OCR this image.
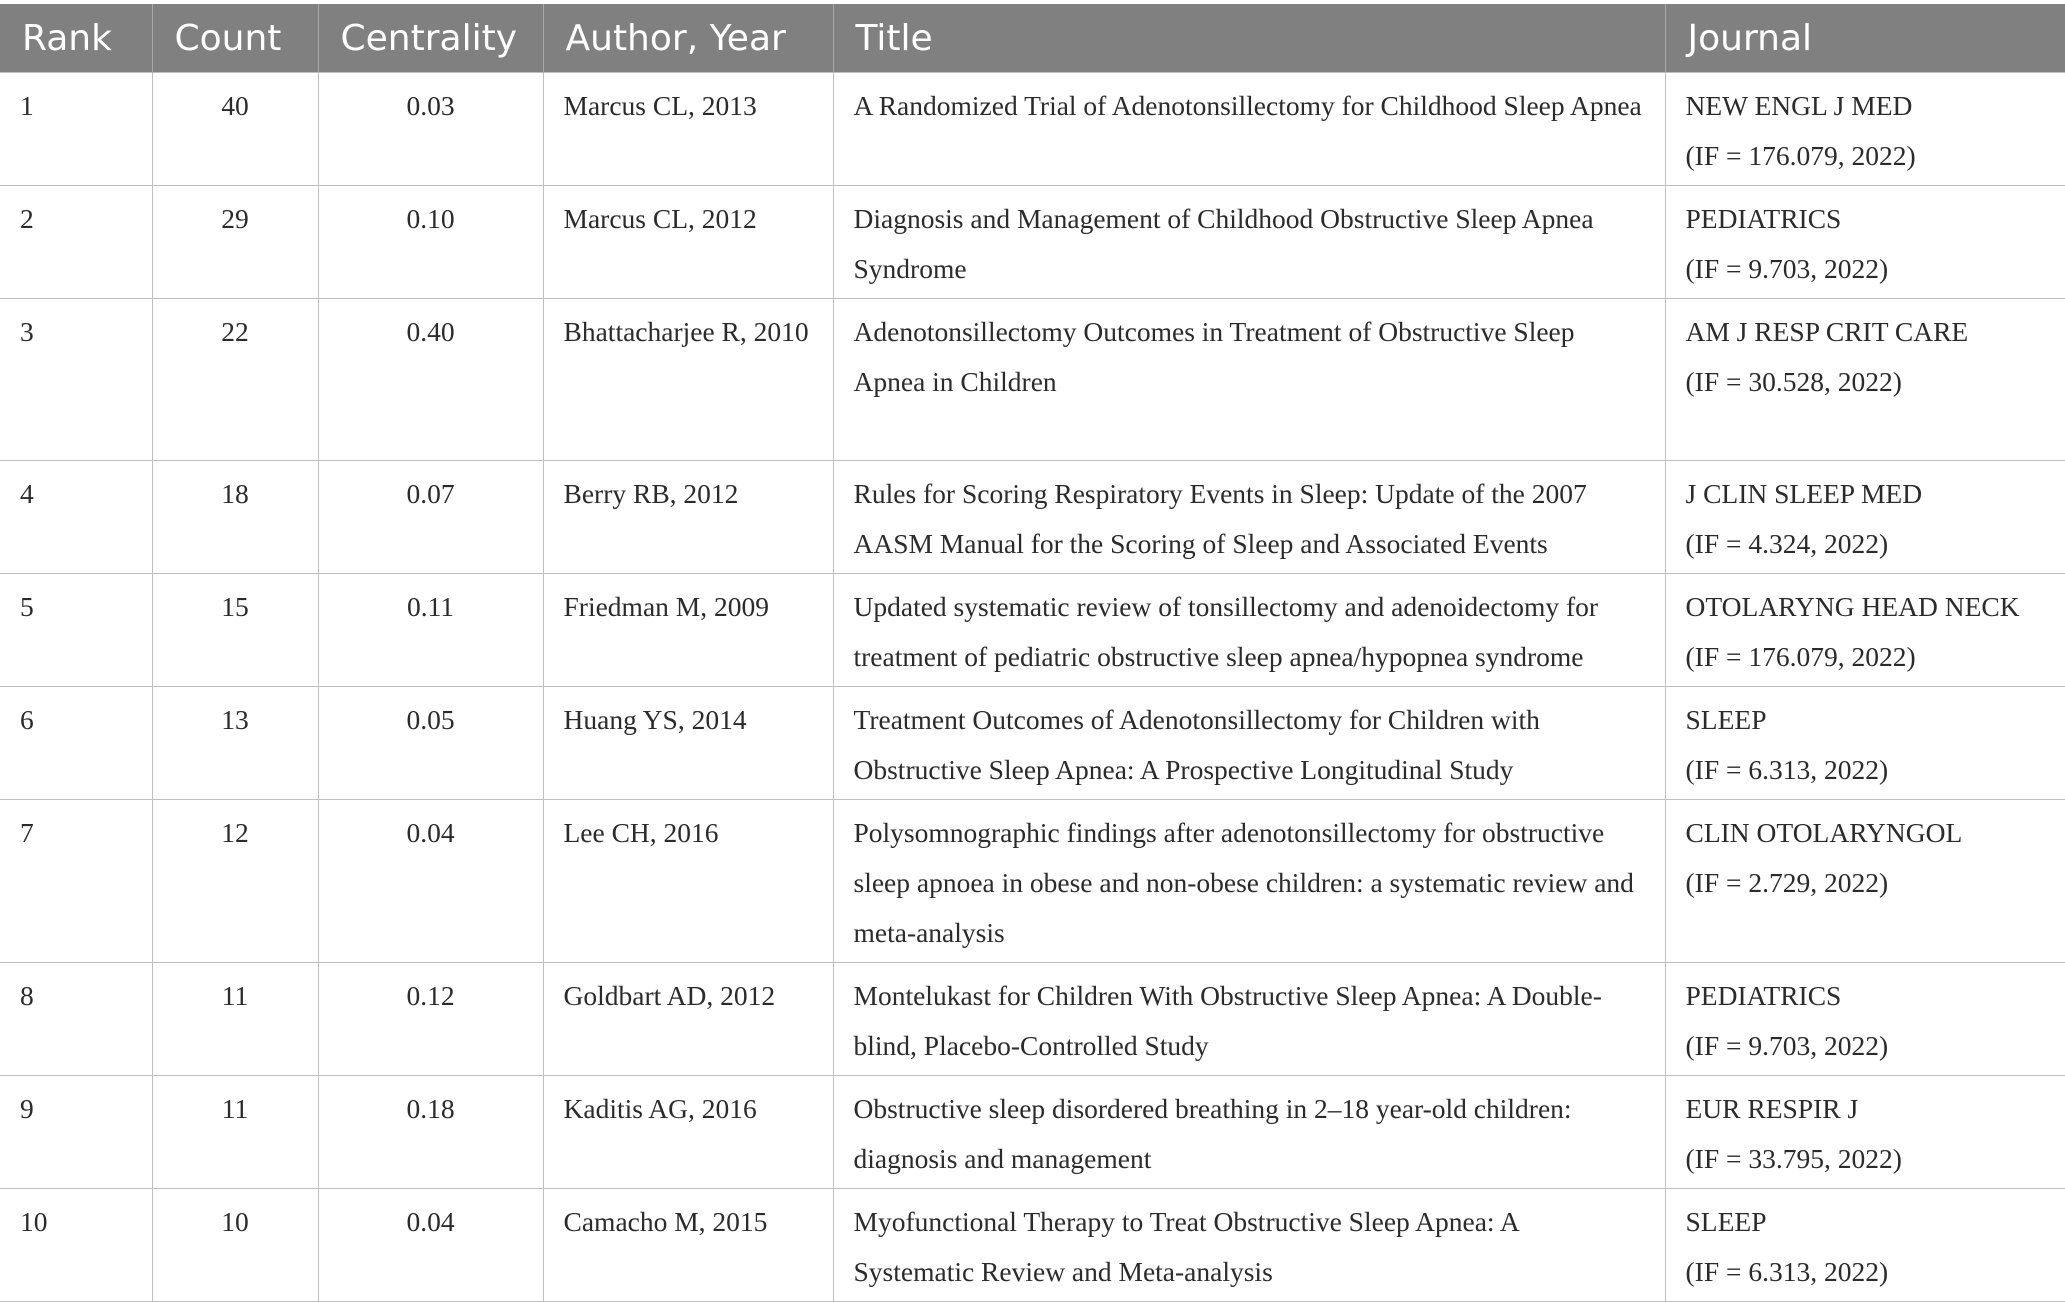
Rank	Count	Centrality	Author, Year	Title	Journal
1	40	0.03	Marcus CL, 2013	A Randomized Trial of Adenotonsillectomy for Childhood Sleep Apnea	NEW ENGL J MED
(IF = 176.079, 2022)

2	29	0.10	Marcus CL, 2012	Diagnosis and Management of Childhood Obstructive Sleep Apnea Syndrome	PEDIATRICS
(IF = 9.703, 2022)

3	22	0.40	Bhattacharjee R, 2010	Adenotonsillectomy Outcomes in Treatment of Obstructive Sleep Apnea in Children	AM J RESP CRIT CARE
(IF = 30.528, 2022)

4	18	0.07	Berry RB, 2012	Rules for Scoring Respiratory Events in Sleep: Update of the 2007 AASM Manual for the Scoring of Sleep and Associated Events	J CLIN SLEEP MED
(IF = 4.324, 2022)

5	15	0.11	Friedman M, 2009	Updated systematic review of tonsillectomy and adenoidectomy for treatment of pediatric obstructive sleep apnea/hypopnea syndrome	OTOLARYNG HEAD NECK
(IF = 176.079, 2022)

6	13	0.05	Huang YS, 2014	Treatment Outcomes of Adenotonsillectomy for Children with Obstructive Sleep Apnea: A Prospective Longitudinal Study	SLEEP
(IF = 6.313, 2022)

7	12	0.04	Lee CH, 2016	Polysomnographic findings after adenotonsillectomy for obstructive sleep apnoea in obese and non-obese children: a systematic review and meta-analysis	CLIN OTOLARYNGOL
(IF = 2.729, 2022)

8	11	0.12	Goldbart AD, 2012	Montelukast for Children With Obstructive Sleep Apnea: A Double-blind, Placebo-Controlled Study	PEDIATRICS
(IF = 9.703, 2022)

9	11	0.18	Kaditis AG, 2016	Obstructive sleep disordered breathing in 2–18 year-old children: diagnosis and management	EUR RESPIR J
(IF = 33.795, 2022)

10	10	0.04	Camacho M, 2015	Myofunctional Therapy to Treat Obstructive Sleep Apnea: A Systematic Review and Meta-analysis	SLEEP
(IF = 6.313, 2022)
